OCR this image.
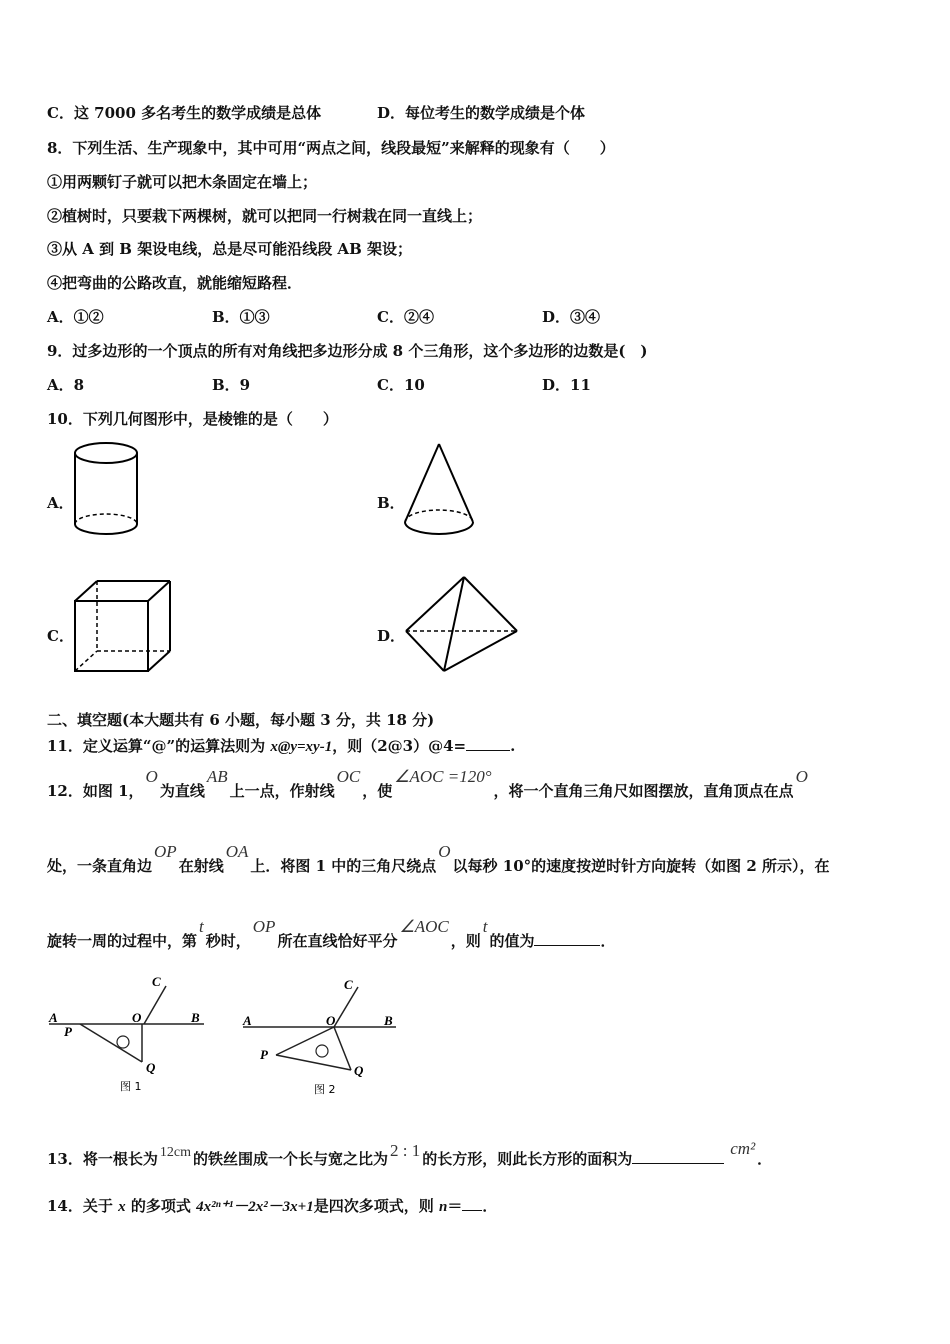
C．这 7000 多名考生的数学成绩是总体	D．每位考生的数学成绩是个体
8．下列生活、生产现象中，其中可用“两点之间，线段最短”来解释的现象有（　　）
①用两颗钉子就可以把木条固定在墙上；
②植树时，只要栽下两棵树，就可以把同一行树栽在同一直线上；
③从 A 到 B 架设电线，总是尽可能沿线段 AB 架设；
④把弯曲的公路改直，就能缩短路程．
A．①②	B．①③	C．②④	D．③④
9．过多边形的一个顶点的所有对角线把多边形分成 8 个三角形，这个多边形的边数是(　)
A．8	B．9	C．10	D．11
10．下列几何图形中，是棱锥的是（　　）
A．	B．
C．	D．
二、填空题(本大题共有 6 小题，每小题 3 分，共 18 分)
11．定义运算“@”的运算法则为 x@y=xy-1，则（2@3）@4=	.
12．如图 1，O为直线AB上一点，作射线OC，使∠AOC =120°，将一个直角三角尺如图摆放，直角顶点在点O
处，一条直角边OP在射线OA上．将图 1 中的三角尺绕点O以每秒 10°的速度按逆时针方向旋转（如图 2 所示），在
旋转一周的过程中，第t秒时，OP所在直线恰好平分∠AOC，则t的值为	．
A	B
C
O
P
Q
图 1
A	B
C
O
P
Q
图 2
13．将一根长为 12cm 的铁丝围成一个长与宽之比为 2 : 1 的长方形，则此长方形的面积为cm²．
14．关于 x 的多项式 4x²ⁿ⁺¹－2x²－3x+1是四次多项式，则 n＝ ．
